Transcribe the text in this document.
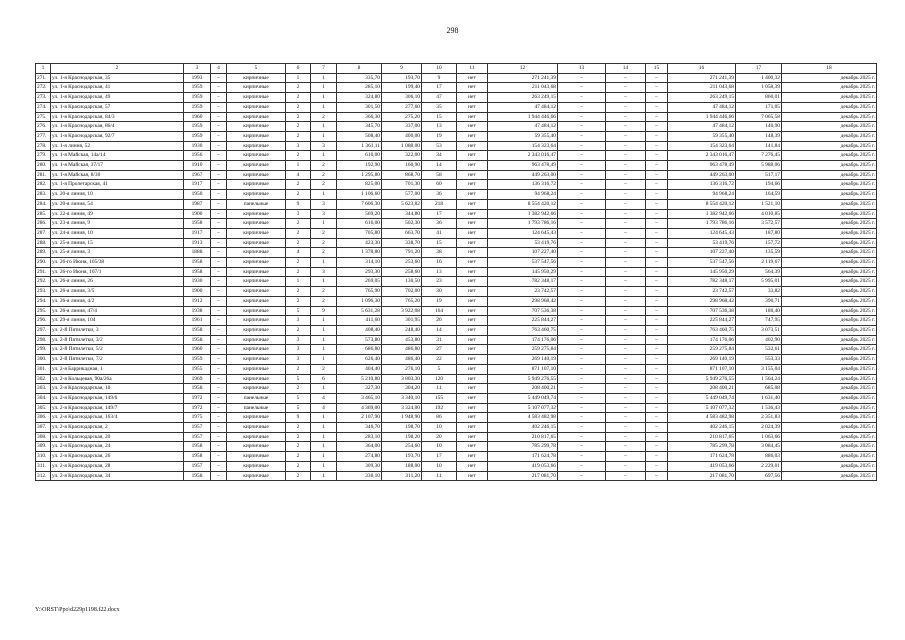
298
1	2	3	4	5	6	7	8	9	10	11	12	13	14	15	16	17	18
271.	ул. 1-я Краснодарская, 35	1993	–	кирпичные	1	1	335,70	193,70	9	нет	271 241,39	–	–	–	271 241,39	1 400,32	декабрь 2025 г.
272.	ул. 1-я Краснодарская, 41	1959	–	кирпичные	2	1	285,10	199,40	17	нет	211 043,68	–	–	–	211 043,68	1 058,39	декабрь 2025 г.
273.	ул. 1-я Краснодарская, 49	1959	–	кирпичные	2	1	324,80	306,10	47	нет	263 249,15	–	–	–	263 249,15	860,01	декабрь 2025 г.
274.	ул. 1-я Краснодарская, 57	1959	–	кирпичные	2	1	301,50	277,60	35	нет	47 484,12	–	–	–	47 484,12	171,05	декабрь 2025 г.
275.	ул. 1-я Краснодарская, 84/3	1960	–	кирпичные	2	2	366,30	275,20	15	нет	1 944 446,66	–	–	–	1 944 446,66	7 065,58	декабрь 2025 г.
276.	ул. 1-я Краснодарская, 86/4	1959	–	кирпичные	2	1	345,70	337,00	13	нет	47 484,12	–	–	–	47 484,12	140,90	декабрь 2025 г.
277.	ул. 1-я Краснодарская, 92/7	1959	–	кирпичные	2	1	508,40	400,00	19	нет	59 355,40	–	–	–	59 355,40	148,39	декабрь 2025 г.
278.	ул. 1-я линия, 52	1930	–	кирпичные	3	3	1 361,11	1 088,00	53	нет	154 323,64	–	–	–	154 323,64	141,84	декабрь 2025 г.
279.	ул. 1-я Майская, 14а/14	1956	–	кирпичные	2	1	610,00	322,00	34	нет	2 343 016,47	–	–	–	2 343 016,47	7 276,45	декабрь 2025 г.
280.	ул. 1-я Майская, 37/17	1910	–	кирпичные	1	2	192,90	160,90	14	нет	963 478,49	–	–	–	963 478,49	5 988,06	декабрь 2025 г.
281.	ул. 1-я Майская, 8/30	1967	–	кирпичные	4	2	1 295,80	868,70	58	нет	449 263,00	–	–	–	449 263,00	517,17	декабрь 2025 г.
282.	ул. 1-я Пролетарская, 41	1917	–	кирпичные	2	2	825,00	701,30	60	нет	136 316,72	–	–	–	136 316,72	194,66	декабрь 2025 г.
283.	ул. 20-я линия, 10	1950	–	кирпичные	2	1	1 106,60	577,00	36	нет	94 968,24	–	–	–	94 968,24	164,59	декабрь 2025 г.
284.	ул. 20-я линия, 54	1987	–	панельные	9	3	7 606,30	5 623,82	218	нет	8 554 420,12	–	–	–	8 554 420,12	1 521,10	декабрь 2025 г.
285.	ул. 22-я линия, 49	1900	–	кирпичные	3	3	569,20	344,80	17	нет	1 382 942,66	–	–	–	1 382 942,66	4 010,85	декабрь 2025 г.
286.	ул. 23-я линия, 9	1958	–	кирпичные	2	1	616,00	502,30	36	нет	1 793 786,16	–	–	–	1 793 786,16	3 572,57	декабрь 2025 г.
287.	ул. 24-я линия, 10	1917	–	кирпичные	2	2	705,80	663,70	41	нет	124 645,43	–	–	–	124 645,43	187,80	декабрь 2025 г.
288.	ул. 25-я линия, 15	1913	–	кирпичные	2	2	423,30	338,70	15	нет	53 419,76	–	–	–	53 419,76	157,72	декабрь 2025 г.
289.	ул. 25-я линия, 3	1888	–	кирпичные	4	2	1 378,80	791,20	38	нет	107 227,40	–	–	–	107 227,40	135,59	декабрь 2025 г.
290.	ул. 26-го Июня, 105/38	1958	–	кирпичные	2	1	314,10	253,60	16	нет	537 547,56	–	–	–	537 547,56	2 119,67	декабрь 2025 г.
291.	ул. 26-го Июня, 107/1	1958	–	кирпичные	2	3	293,30	258,60	13	нет	145 950,29	–	–	–	145 950,29	564,39	декабрь 2025 г.
292.	ул. 26-я линия, 26	1930	–	кирпичные	1	1	269,05	130,50	23	нет	782 348,17	–	–	–	782 348,17	5 995,01	декабрь 2025 г.
293.	ул. 26-я линия, 3/5	1900	–	кирпичные	2	2	765,90	702,00	30	нет	23 742,57	–	–	–	23 742,57	33,82	декабрь 2025 г.
294.	ул. 26-я линия, 4/2	1912	–	кирпичные	2	2	1 096,30	765,20	19	нет	298 968,42	–	–	–	298 968,42	390,71	декабрь 2025 г.
295.	ул. 26-я линия, 47/4	1938	–	кирпичные	5	9	5 631,28	3 922,08	164	нет	707 536,38	–	–	–	707 536,38	180,40	декабрь 2025 г.
296.	ул. 29-я линия, 104	1961	–	кирпичные	3	1	411,60	301,95	26	нет	225 844,27	–	–	–	225 844,27	747,95	декабрь 2025 г.
297.	ул. 2-й Пятилетки, 3	1958	–	кирпичные	2	1	408,40	248,40	14	нет	763 460,75	–	–	–	763 460,75	3 073,51	декабрь 2025 г.
298.	ул. 2-й Пятилетки, 3/2	1958	–	кирпичные	3	1	573,80	453,80	31	нет	174 176,06	–	–	–	174 176,06	402,90	декабрь 2025 г.
299.	ул. 2-й Пятилетки, 5/2	1960	–	кирпичные	3	1	686,80	486,80	27	нет	259 275,84	–	–	–	259 275,84	532,61	декабрь 2025 г.
300.	ул. 2-й Пятилетки, 7/2	1959	–	кирпичные	3	1	626,40	486,40	22	нет	269 140,19	–	–	–	269 140,19	553,33	декабрь 2025 г.
301.	ул. 2-я Баррикадная, 1	1955	–	кирпичные	2	2	404,40	276,10	5	нет	871 107,10	–	–	–	871 107,10	3 155,04	декабрь 2025 г.
302.	ул. 2-я Кольцевая, 90а/26а	1969	–	кирпичные	5	6	5 210,80	3 803,30	120	нет	5 949 276,55	–	–	–	5 949 276,55	1 564,24	декабрь 2025 г.
303.	ул. 2-я Краснодарская, 10	1958	–	кирпичные	2	1	327,30	304,20	11	нет	208 400,21	–	–	–	208 400,21	685,08	декабрь 2025 г.
304.	ул. 2-я Краснодарская, 149/6	1972	–	панельные	5	4	3 465,10	3 340,10	155	нет	5 449 049,74	–	–	–	5 449 049,74	1 631,40	декабрь 2025 г.
305.	ул. 2-я Краснодарская, 149/7	1972	–	панельные	5	4	4 369,00	3 324,00	192	нет	5 107 077,32	–	–	–	5 107 077,32	1 536,43	декабрь 2025 г.
306.	ул. 2-я Краснодарская, 163/4	1975	–	кирпичные	9	1	2 107,90	1 948,90	86	нет	4 583 482,98	–	–	–	4 583 482,98	2 351,83	декабрь 2025 г.
307.	ул. 2-я Краснодарская, 2	1957	–	кирпичные	2	1	346,70	198,70	10	нет	402 246,15	–	–	–	402 246,15	2 024,39	декабрь 2025 г.
308.	ул. 2-я Краснодарская, 20	1957	–	кирпичные	2	1	283,10	198,20	20	нет	210 817,65	–	–	–	210 817,65	1 063,66	декабрь 2025 г.
309.	ул. 2-я Краснодарская, 24	1958	–	кирпичные	2	1	364,00	254,60	10	нет	785 299,78	–	–	–	785 299,78	3 084,45	декабрь 2025 г.
310.	ул. 2-я Краснодарская, 26	1958	–	кирпичные	2	1	274,80	193,70	17	нет	171 624,78	–	–	–	171 624,78	886,03	декабрь 2025 г.
311.	ул. 2-я Краснодарская, 28	1957	–	кирпичные	2	1	309,30	188,00	10	нет	419 053,66	–	–	–	419 053,66	2 229,01	декабрь 2025 г.
312.	ул. 2-я Краснодарская, 34	1958	–	кирпичные	2	1	336,10	311,20	11	нет	217 081,70	–	–	–	217 081,70	697,56	декабрь 2025 г.
Y:\ORST\Ppo\d229p1198.f22.docx
